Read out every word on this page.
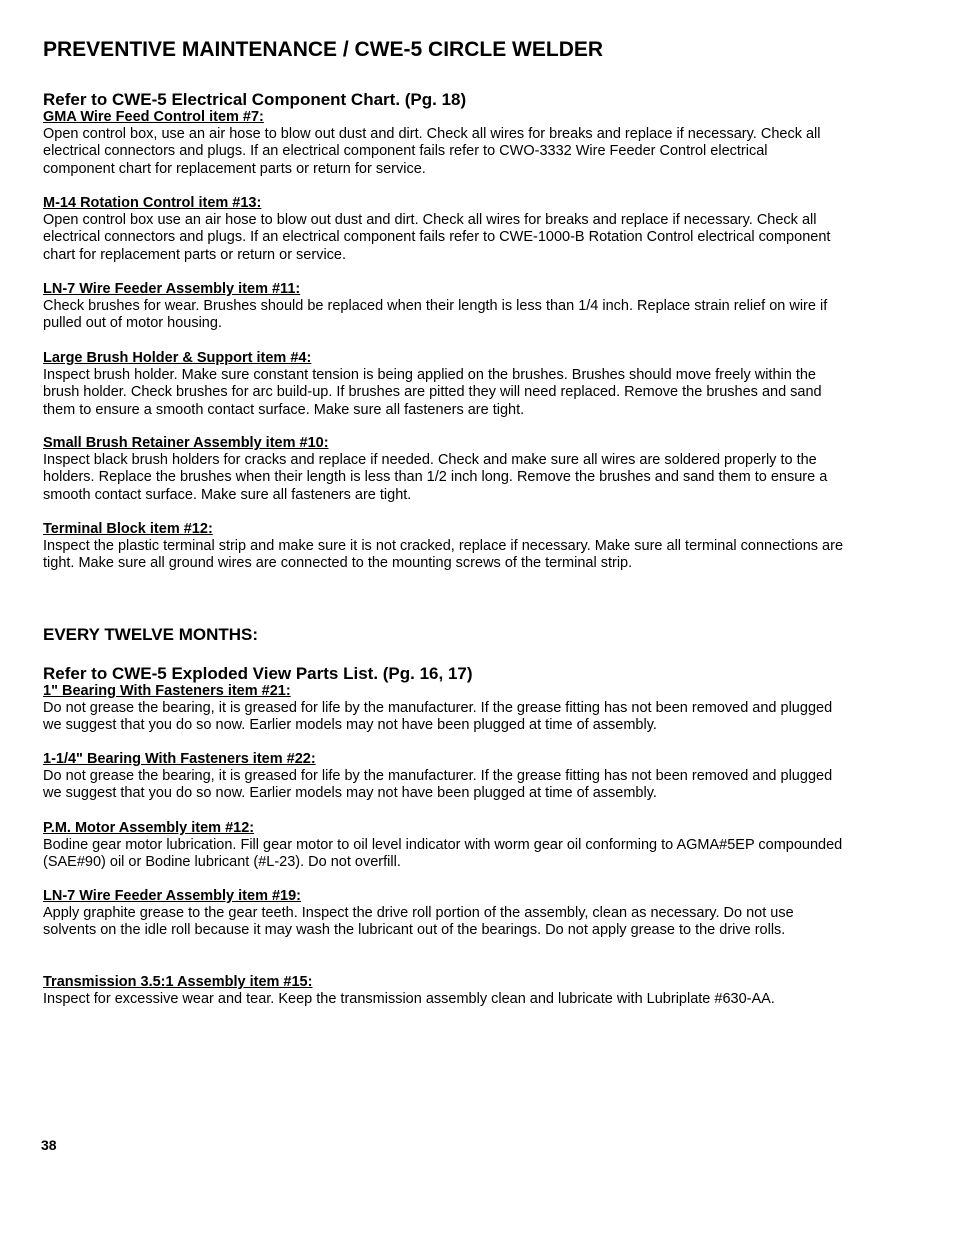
PREVENTIVE MAINTENANCE / CWE-5 CIRCLE WELDER

Refer to CWE-5 Electrical Component Chart. (Pg. 18)

GMA Wire Feed Control item #7:

Open control box, use an air hose to blow out dust and dirt. Check all wires for breaks and replace if necessary. Check all electrical connectors and plugs. If an electrical component fails refer to CWO-3332 Wire Feeder Control electrical component chart for replacement parts or return for service.

M-14 Rotation Control item #13:

Open control box use an air hose to blow out dust and dirt. Check all wires for breaks and replace if necessary. Check all electrical connectors and plugs. If an electrical component fails refer to CWE-1000-B Rotation Control electrical component chart for replacement parts or return or service.

LN-7 Wire Feeder Assembly item #11:

Check brushes for wear. Brushes should be replaced when their length is less than 1/4 inch. Replace strain relief on wire if pulled out of motor housing.

Large Brush Holder & Support item #4:

Inspect brush holder. Make sure constant tension is being applied on the brushes. Brushes should move freely within the brush holder. Check brushes for arc build-up. If brushes are pitted they will need replaced. Remove the brushes and sand them to ensure a smooth contact surface. Make sure all fasteners are tight.

Small Brush Retainer Assembly item #10:

Inspect black brush holders for cracks and replace if needed. Check and make sure all wires are soldered properly to the holders. Replace the brushes when their length is less than 1/2 inch long. Remove the brushes and sand them to ensure a smooth contact surface. Make sure all fasteners are tight.

Terminal Block item #12:

Inspect the plastic terminal strip and make sure it is not cracked, replace if necessary. Make sure all terminal connections are tight. Make sure all ground wires are connected to the mounting screws of the terminal strip.

EVERY TWELVE MONTHS:

Refer to CWE-5 Exploded View Parts List. (Pg. 16, 17)

1" Bearing With Fasteners item #21:

Do not grease the bearing, it is greased for life by the manufacturer. If the grease fitting has not been removed and plugged we suggest that you do so now. Earlier models may not have been plugged at time of assembly.

1-1/4" Bearing With Fasteners item #22:

Do not grease the bearing, it is greased for life by the manufacturer. If the grease fitting has not been removed and plugged we suggest that you do so now. Earlier models may not have been plugged at time of assembly.

P.M. Motor Assembly item #12:

Bodine gear motor lubrication. Fill gear motor to oil level indicator with worm gear oil conforming to AGMA#5EP compounded (SAE#90) oil or Bodine lubricant (#L-23). Do not overfill.

LN-7 Wire Feeder Assembly item #19:

Apply graphite grease to the gear teeth. Inspect the drive roll portion of the assembly, clean as necessary. Do not use solvents on the idle roll because it may wash the lubricant out of the bearings. Do not apply grease to the drive rolls.

Transmission 3.5:1 Assembly item #15:

Inspect for excessive wear and tear. Keep the transmission assembly clean and lubricate with Lubriplate #630-AA.

38
